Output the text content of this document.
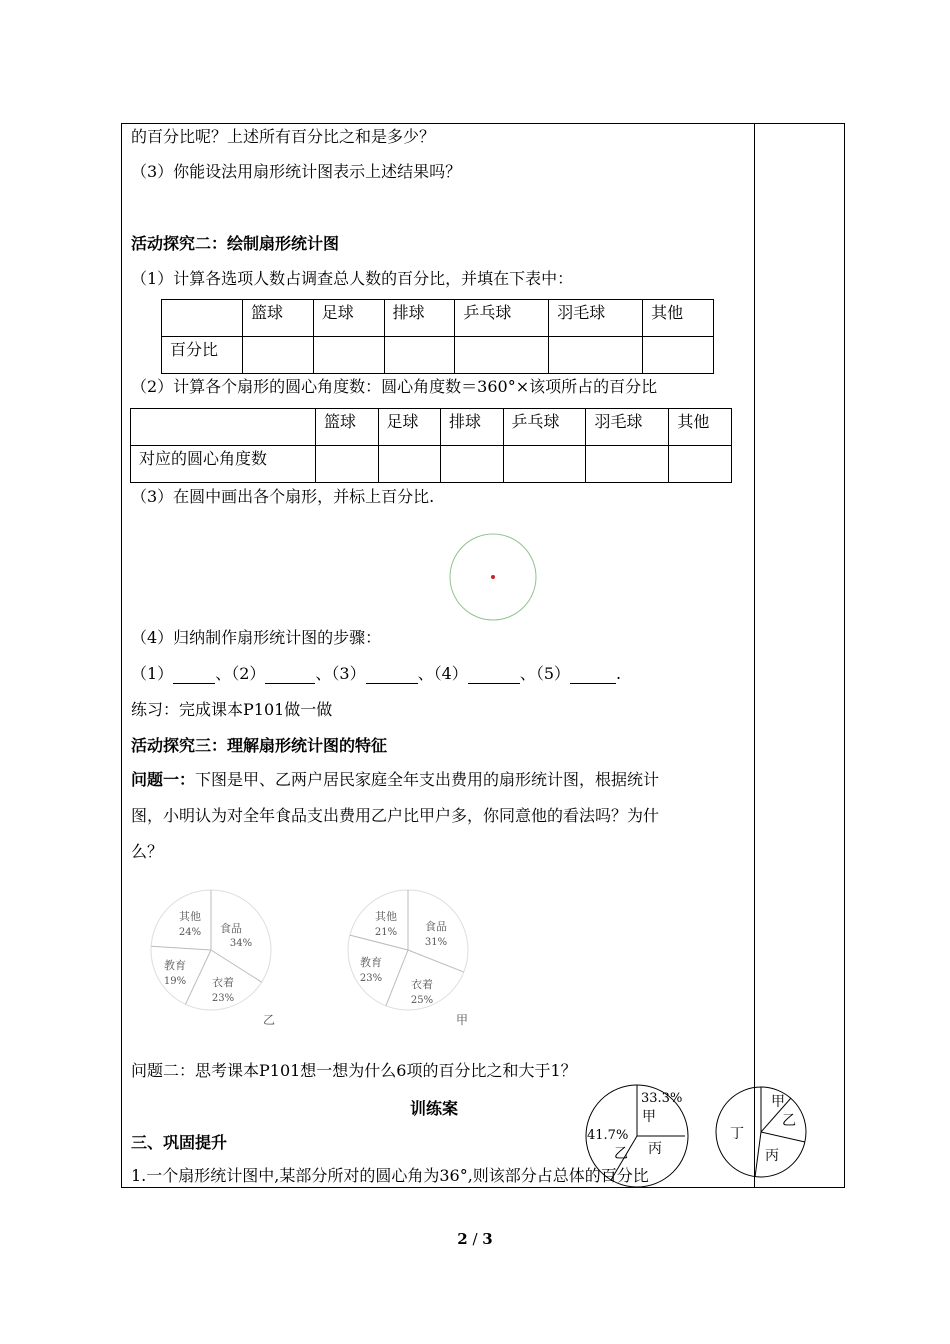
的百分比呢？上述所有百分比之和是多少？
（3）你能设法用扇形统计图表示上述结果吗？
活动探究二：绘制扇形统计图
（1）计算各选项人数占调查总人数的百分比，并填在下表中：
	篮球	足球	排球	乒乓球	羽毛球	其他
百分比						
（2）计算各个扇形的圆心角度数：圆心角度数＝360°×该项所占的百分比
	篮球	足球	排球	乒乓球	羽毛球	其他
对应的圆心角度数						
（3）在圆中画出各个扇形，并标上百分比.
（4）归纳制作扇形统计图的步骤：
（1）	、（2）	、（3）	、（4）	、（5）	.
练习：完成课本P101做一做
活动探究三：理解扇形统计图的特征
问题一：下图是甲、乙两户居民家庭全年支出费用的扇形统计图，根据统计
图，小明认为对全年食品支出费用乙户比甲户多，你同意他的看法吗？为什
么？
食品
34%
衣着
23%
教育
19%
其他
24%
乙
食品
31%
衣着
25%
教育
23%
其他
21%
甲
问题二：思考课本P101想一想为什么6项的百分比之和大于1？
训练案
三、巩固提升
1.一个扇形统计图中,某部分所对的圆心角为36°,则该部分占总体的百分比
33.3%
甲
41.7%
乙 丙
甲
乙
丙
丁
2 / 3
